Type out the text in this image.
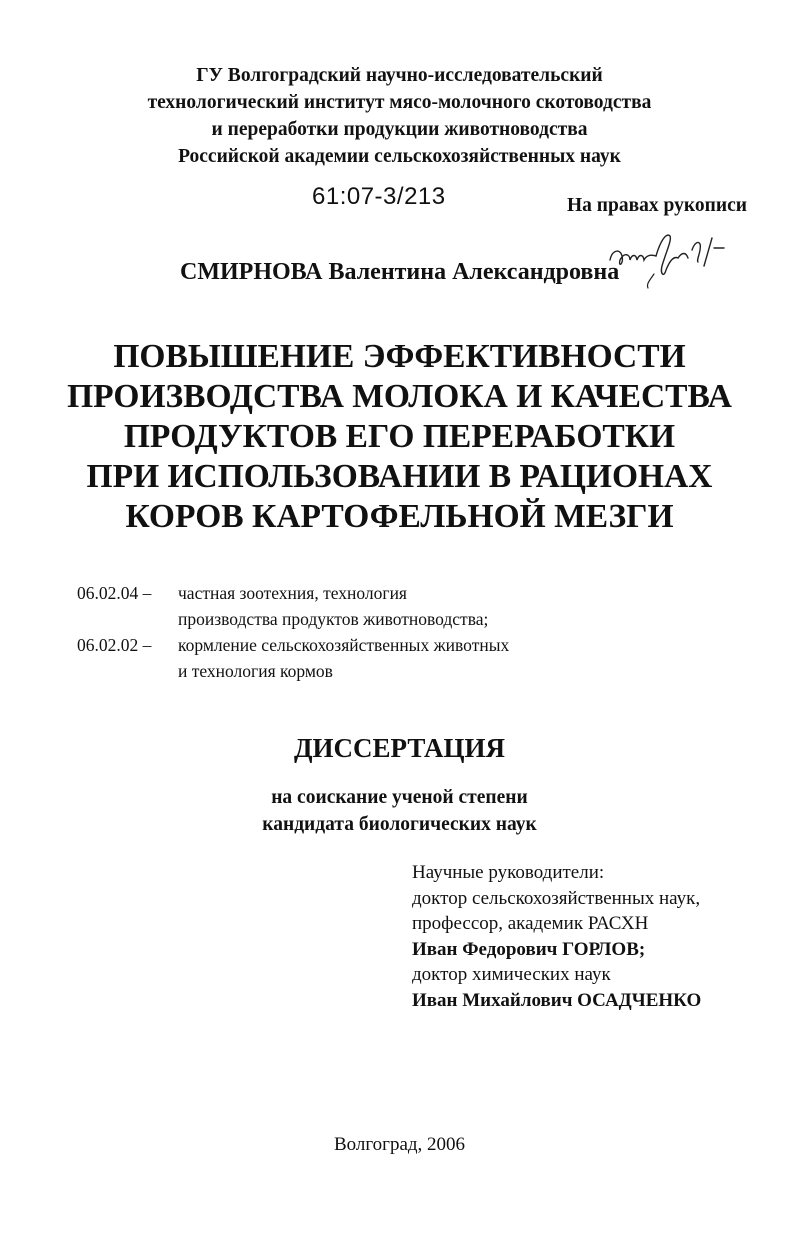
ГУ Волгоградский научно-исследовательский
технологический институт мясо-молочного скотоводства
и переработки продукции животноводства
Российской академии сельскохозяйственных наук
61:07-3/213	На правах рукописи
СМИРНОВА Валентина Александровна
ПОВЫШЕНИЕ ЭФФЕКТИВНОСТИ
ПРОИЗВОДСТВА МОЛОКА И КАЧЕСТВА
ПРОДУКТОВ ЕГО ПЕРЕРАБОТКИ
ПРИ ИСПОЛЬЗОВАНИИ В РАЦИОНАХ
КОРОВ КАРТОФЕЛЬНОЙ МЕЗГИ
06.02.04 –	частная зоотехния, технология
производства продуктов животноводства;
06.02.02 –	кормление сельскохозяйственных животных
и технология кормов
ДИССЕРТАЦИЯ
на соискание ученой степени
кандидата биологических наук
Научные руководители:
доктор сельскохозяйственных наук,
профессор, академик РАСХН
Иван Федорович ГОРЛОВ;
доктор химических наук
Иван Михайлович ОСАДЧЕНКО
Волгоград, 2006
